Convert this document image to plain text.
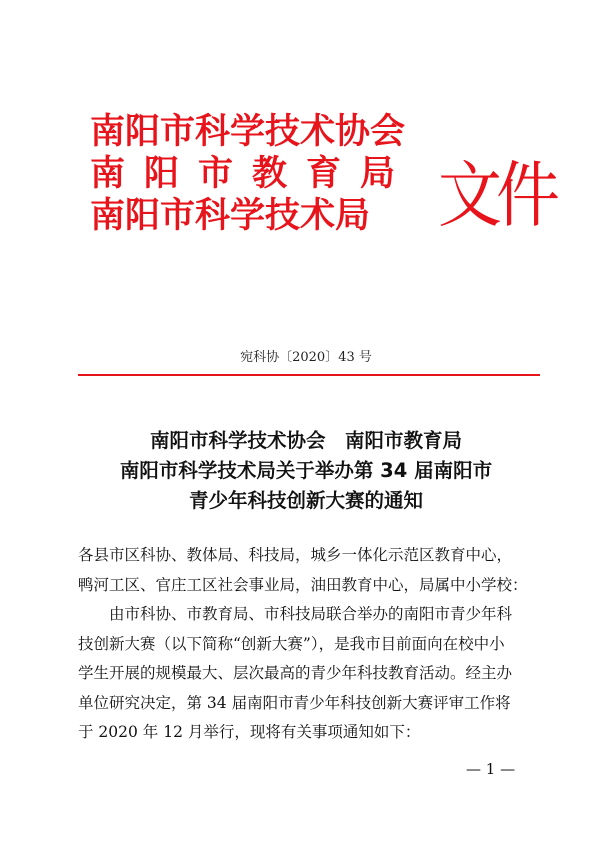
南阳市科学技术协会
南阳市教育局
南阳市科学技术局	文件
宛科协〔2020〕43 号
南阳市科学技术协会　南阳市教育局
南阳市科学技术局关于举办第 34 届南阳市
青少年科技创新大赛的通知
各县市区科协、教体局、科技局，城乡一体化示范区教育中心，
鸭河工区、官庄工区社会事业局，油田教育中心，局属中小学校：
由市科协、市教育局、市科技局联合举办的南阳市青少年科
技创新大赛（以下简称“创新大赛”），是我市目前面向在校中小
学生开展的规模最大、层次最高的青少年科技教育活动。经主办
单位研究决定，第 34 届南阳市青少年科技创新大赛评审工作将
于 2020 年 12 月举行，现将有关事项通知如下：
— 1 —
